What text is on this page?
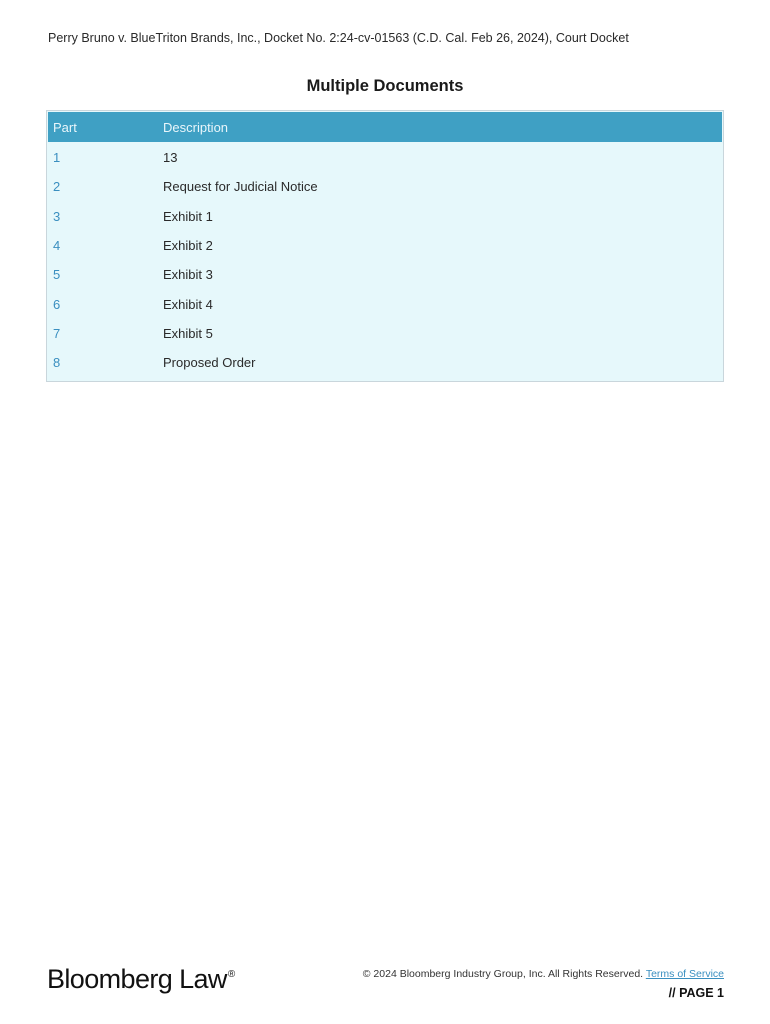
Perry Bruno v. BlueTriton Brands, Inc., Docket No. 2:24-cv-01563 (C.D. Cal. Feb 26, 2024), Court Docket
Multiple Documents
Part	Description
1	13
2	Request for Judicial Notice
3	Exhibit 1
4	Exhibit 2
5	Exhibit 3
6	Exhibit 4
7	Exhibit 5
8	Proposed Order
Bloomberg Law®	© 2024 Bloomberg Industry Group, Inc. All Rights Reserved. Terms of Service
// PAGE 1
